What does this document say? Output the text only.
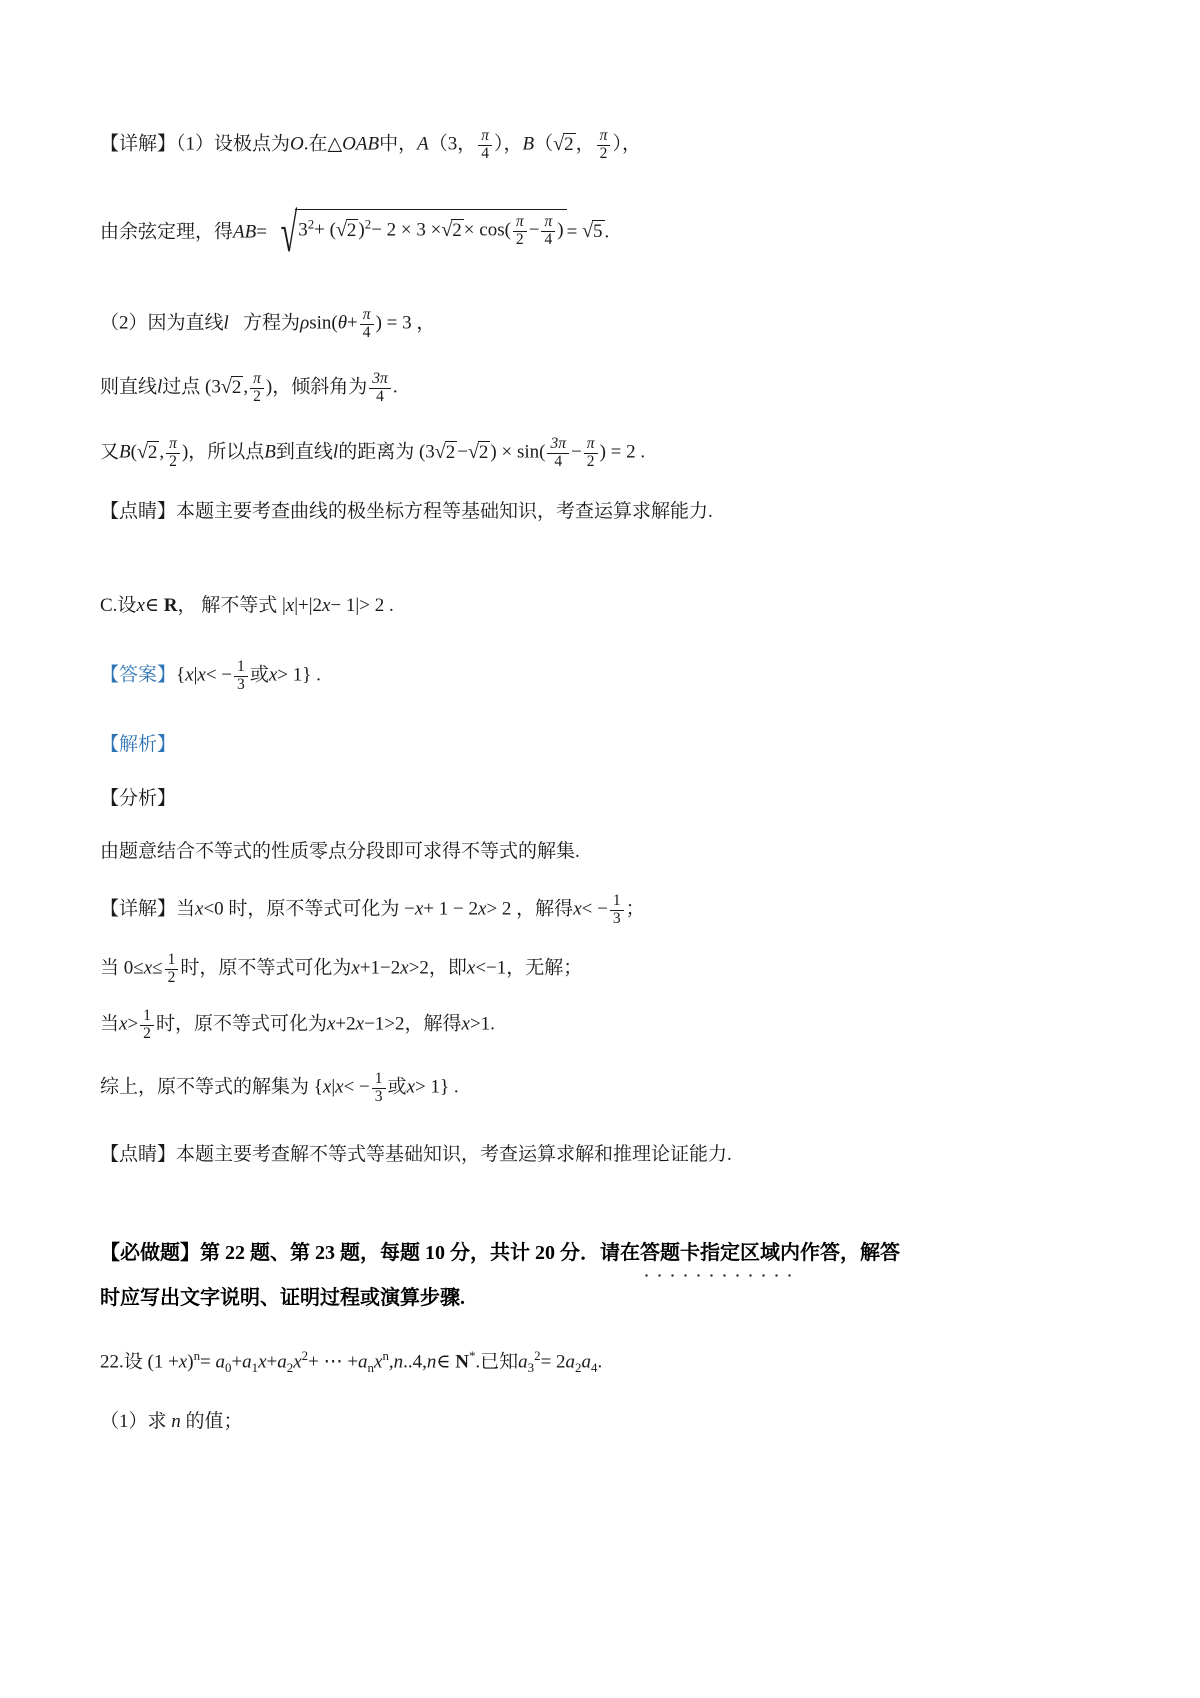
【详解】（1）设极点为O.在△OAB中，A（3， $\frac{\pi}{4}$ ），B（√2 ， $\frac{\pi}{2}$ ），
由余弦定理，得$AB= √3^2+ (√2$ )$^2- 2 \times 3 \times√2 \times \cos( \frac{\pi}{2} - \frac{\pi}{4}$ ) = √5 .
（2）因为直线l 方程为$\rho\sin(\theta+ \frac{\pi}{4}$ ) = 3 ，
则直线l过点 (3√2 , $\frac{\pi}{2}$ )，倾斜角为 $\frac{3\pi}{4}$ .
又B(√2 , $\frac{\pi}{2}$ )，所以点B到直线l的距离为 (3√2 −√2 ) × $\sin( \frac{3\pi}{4} - \frac{\pi}{2}$ ) = 2 .
【点睛】本题主要考查曲线的极坐标方程等基础知识，考查运算求解能力.
C.设x∈ R， 解不等式 |x|+|2x− 1|> 2 .
【答案】{$x|x< - \frac{1}{3}$ 或x> 1} .
【解析】
【分析】
由题意结合不等式的性质零点分段即可求得不等式的解集.
【详解】当x<0 时，原不等式可化为 −x+ 1 − 2x> 2 ，解得$x< - \frac{1}{3}$ ；
当 $0\le x\le \frac{1}{2}$ 时，原不等式可化为x+1−2x>2，即x<−1，无解；
当$x> \frac{1}{2}$ 时，原不等式可化为x+2x−1>2，解得x>1.
综上，原不等式的解集为 {$x|x< - \frac{1}{3}$ 或x> 1} .
【点睛】本题主要考查解不等式等基础知识，考查运算求解和推理论证能力.
【必做题】第 22 题、第 23 题，每题 10 分，共计 20 分．请在答题卡指定区域内作答，解答
时应写出文字说明、证明过程或演算步骤.
22.设 $(1 +x)^n= a_0+a_1x+a_2x^2+$ ⋯ $+a_nx^n,n..4,n\in$ N*.已知$a_3^2= 2a_2a_4$.
（1）求 n 的值；
